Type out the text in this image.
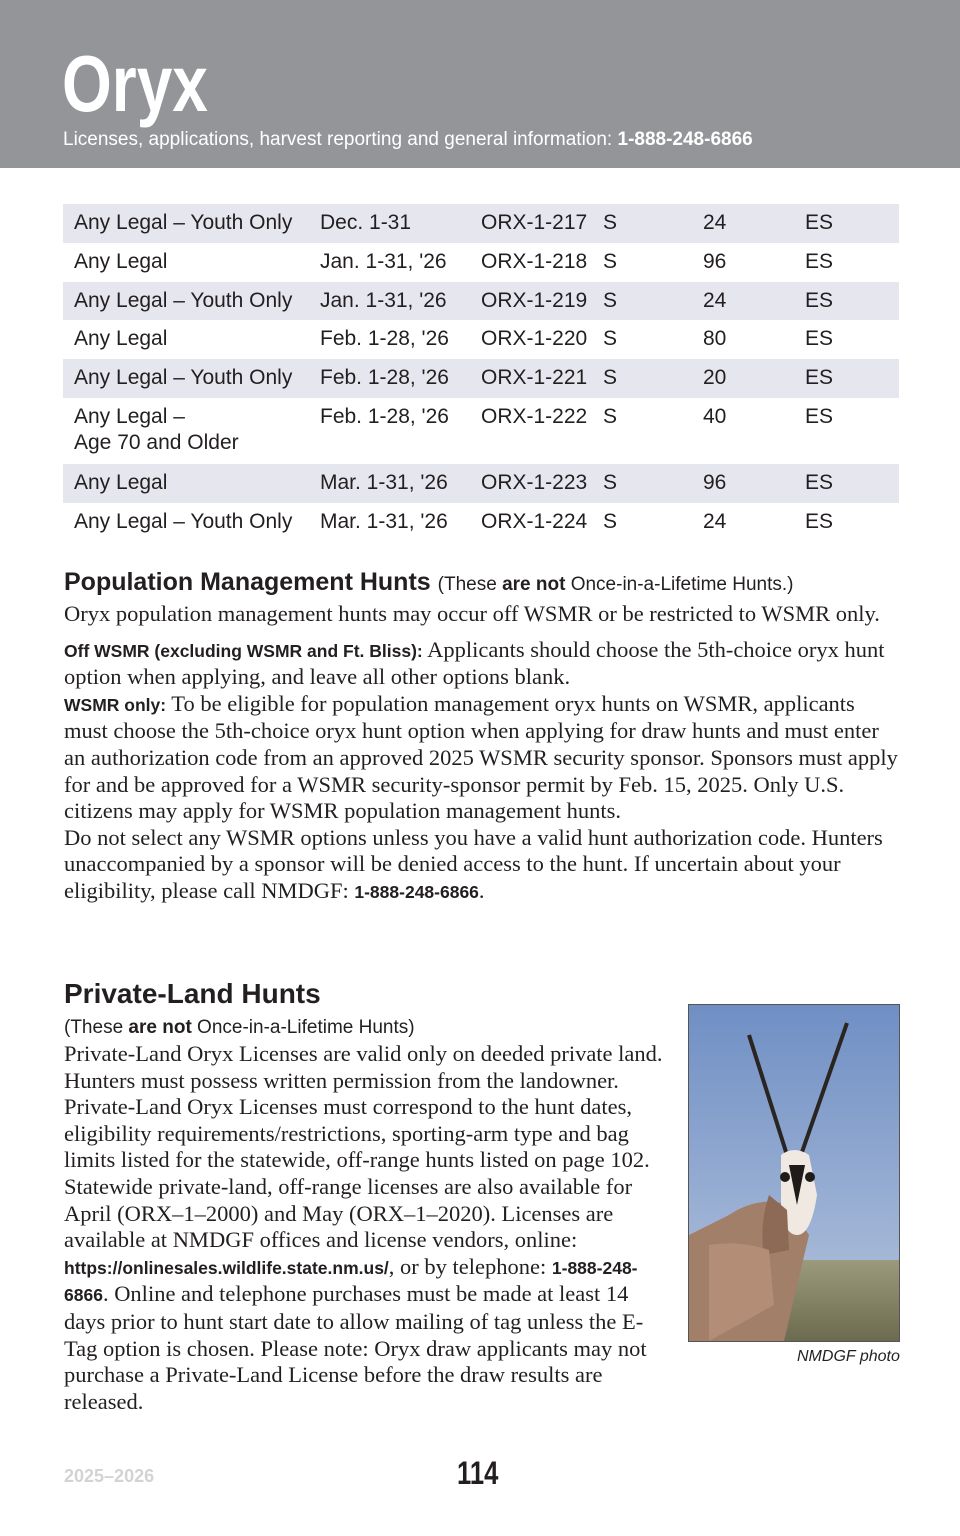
Oryx
Licenses, applications, harvest reporting and general information: 1-888-248-6866
Any Legal – Youth Only	Dec. 1-31	ORX-1-217	S	24	ES
Any Legal	Jan. 1-31, '26	ORX-1-218	S	96	ES
Any Legal – Youth Only	Jan. 1-31, '26	ORX-1-219	S	24	ES
Any Legal	Feb. 1-28, '26	ORX-1-220	S	80	ES
Any Legal – Youth Only	Feb. 1-28, '26	ORX-1-221	S	20	ES
Any Legal –
Age 70 and Older	Feb. 1-28, '26	ORX-1-222	S	40	ES
Any Legal	Mar. 1-31, '26	ORX-1-223	S	96	ES
Any Legal – Youth Only	Mar. 1-31, '26	ORX-1-224	S	24	ES
Population Management Hunts (These are not Once-in-a-Lifetime Hunts.)

Oryx population management hunts may occur off WSMR or be restricted to WSMR only.

Off WSMR (excluding WSMR and Ft. Bliss): Applicants should choose the 5th-choice oryx hunt option when applying, and leave all other options blank.

WSMR only: To be eligible for population management oryx hunts on WSMR, applicants must choose the 5th-choice oryx hunt option when applying for draw hunts and must enter an authorization code from an approved 2025 WSMR security sponsor. Sponsors must apply for and be approved for a WSMR security-sponsor permit by Feb. 15, 2025. Only U.S. citizens may apply for WSMR population management hunts.

Do not select any WSMR options unless you have a valid hunt authorization code. Hunters unaccompanied by a sponsor will be denied access to the hunt. If uncertain about your eligibility, please call NMDGF: 1-888-248-6866.

Private-Land Hunts

(These are not Once-in-a-Lifetime Hunts)

Private-Land Oryx Licenses are valid only on deeded private land. Hunters must possess written permission from the landowner. Private-Land Oryx Licenses must correspond to the hunt dates, eligibility requirements/restrictions, sporting-arm type and bag limits listed for the statewide, off-range hunts listed on page 102.

Statewide private-land, off-range licenses are also available for April (ORX–1–2000) and May (ORX–1–2020). Licenses are available at NMDGF offices and license vendors, online: https://onlinesales.wildlife.state.nm.us/, or by telephone: 1-888-248-6866. Online and telephone purchases must be made at least 14 days prior to hunt start date to allow mailing of tag unless the E-Tag option is chosen. Please note: Oryx draw applicants may not purchase a Private-Land License before the draw results are released.

NMDGF photo
2025–2026	114
